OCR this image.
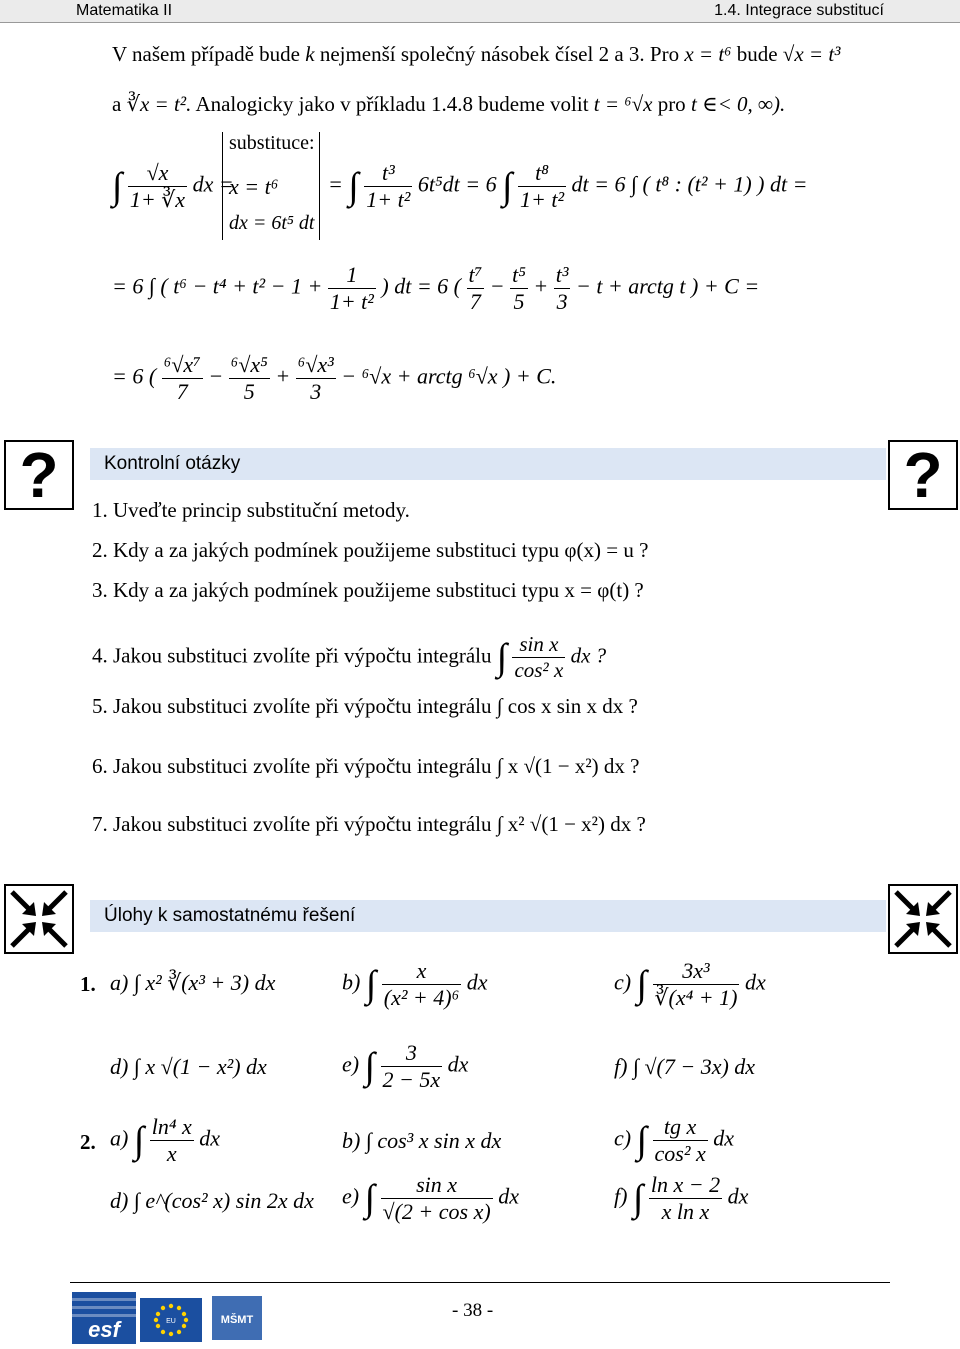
Matematika II	1.4. Integrace substitucí
V našem případě bude k nejmenší společný násobek čísel 2 a 3. Pro x = t⁶ bude √x = t³
a ∛x = t². Analogicky jako v příkladu 1.4.8 budeme volit t = ⁶√x pro t ∈< 0, ∞).
substituce:
x = t⁶
dx = 6t⁵ dt
∫ $\frac{√x}{1+ ∛x}$ dx =	= ∫ $\frac{\text{t³}}{\text{1+ t²}} 6t^5dt = 6$ ∫ $\frac{\text{t⁸}}{\text{1+ t²}}$ dt = 6 ∫ ( t⁸ : (t² + 1) ) dt =
= 6 ∫ ( $t^6 - t^4 + t^2 - 1 + \frac{1}{\text{1+ t²}}$ ) dt = 6 ( $\frac{\text{t⁷}}{7} - \frac{\text{t⁵}}{5} + \frac{\text{t³}}{3} - t$ + arctg t ) + C =
= 6 ( $\frac{\text{⁶√x⁷}}{7} - \frac{\text{⁶√x⁵}}{5} + \frac{\text{⁶√x³}}{3} - ^6√x$ + arctg ⁶√x ) + C.
?	?
Kontrolní otázky
1. Uveďte princip substituční metody.
2. Kdy a za jakých podmínek použijeme substituci typu φ(x) = u ?
3. Kdy a za jakých podmínek použijeme substituci typu x = φ(t) ?
4. Jakou substituci zvolíte při výpočtu integrálu ∫ $\frac{\text{sin x}}{\text{cos² x}}$ dx ?
5. Jakou substituci zvolíte při výpočtu integrálu ∫ cos x sin x dx ?
6. Jakou substituci zvolíte při výpočtu integrálu ∫ x √(1 − x²) dx ?
7. Jakou substituci zvolíte při výpočtu integrálu ∫ x² √(1 − x²) dx ?
Úlohy k samostatnému řešení
1. a) ∫ x² ∛(x³ + 3) dx	b) ∫ $\frac{x}{\text{(x² + 4)⁶}}$ dx	c) ∫ $\frac{\text{3x³}}{\text{∛(x⁴ + 1)}}$ dx
d) ∫ x √(1 − x²) dx	e) ∫ $\frac{3}{2 - 5x}$ dx	f) ∫ √(7 − 3x) dx
2. a) ∫ $\frac{\text{ln⁴ x}}{x}$ dx	b) ∫ cos³ x sin x dx	c) ∫ $\frac{\text{tg x}}{\text{cos² x}}$ dx
d) ∫ e^(cos² x) sin 2x dx e) ∫ $\frac{\text{sin x}}{\text{√(2 + cos x)}}$ dx	f) ∫ $\frac{\text{ln x − 2}}{\text{x ln x}}$ dx
esf	EU	MŠMT	- 38 -
